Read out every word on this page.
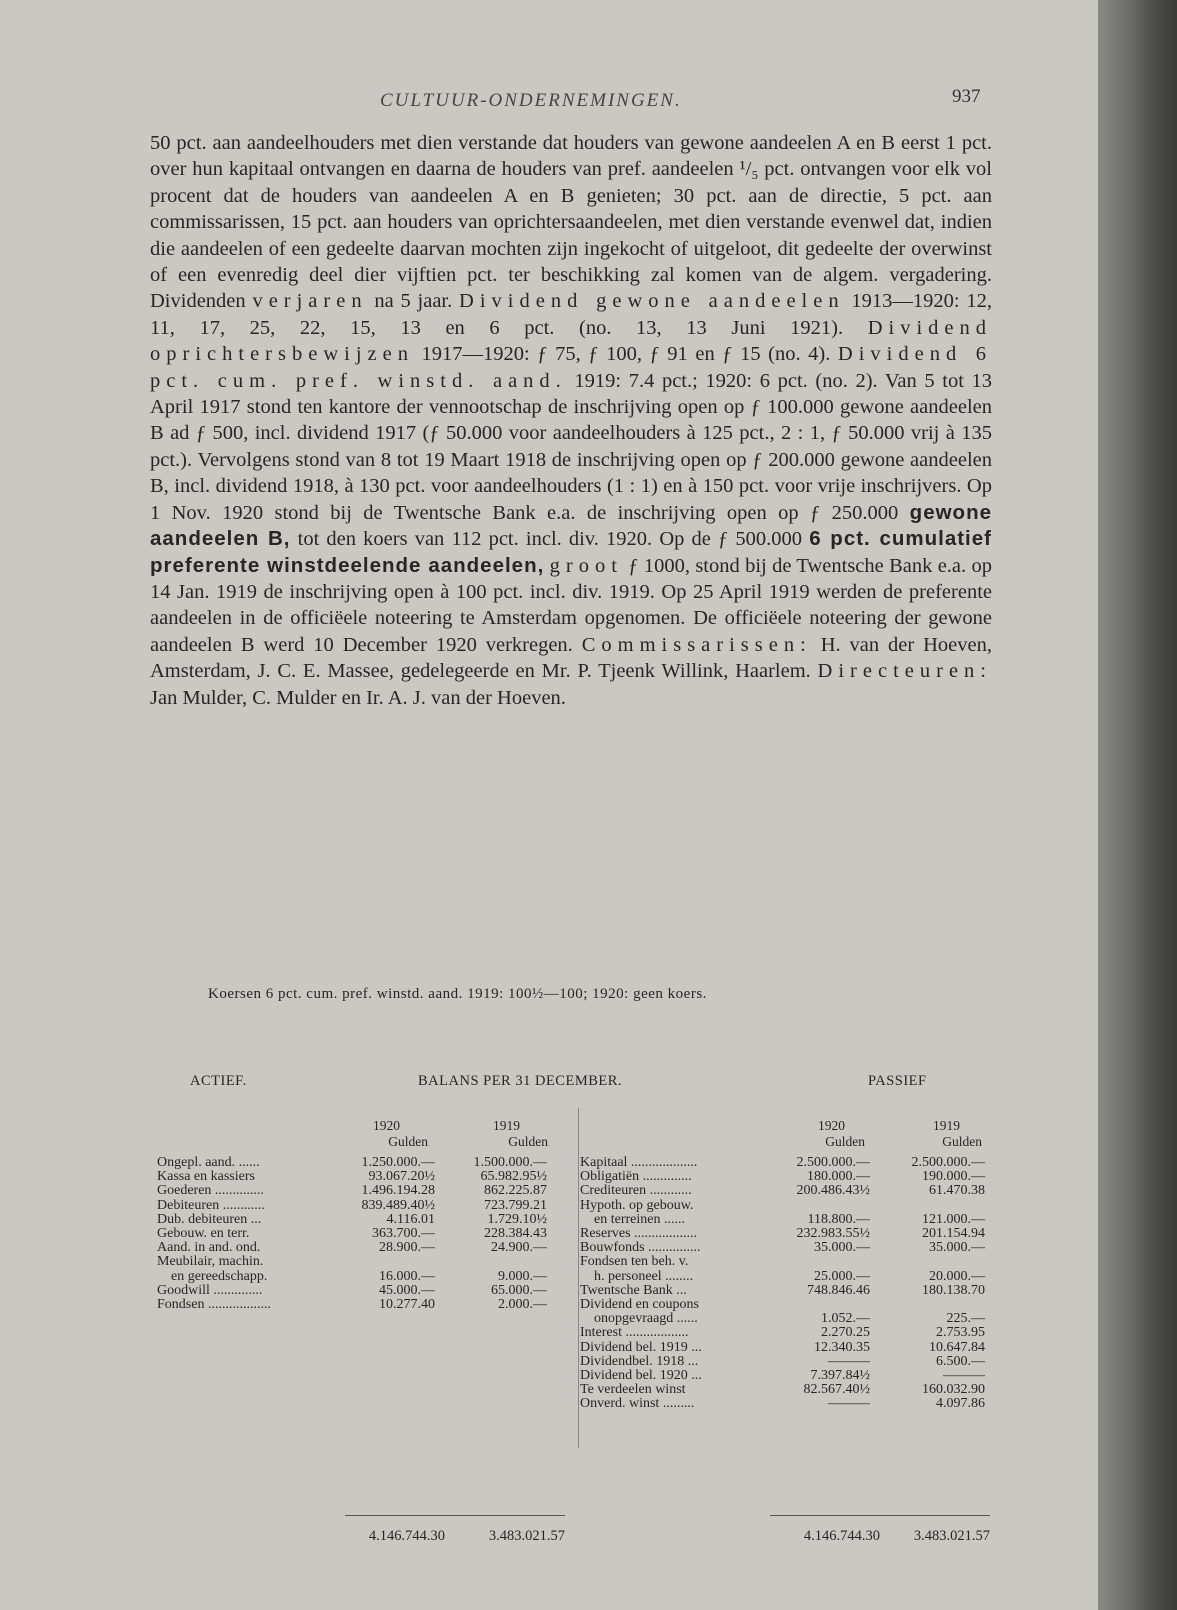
CULTUUR-ONDERNEMINGEN.	937

50 pct. aan aandeelhouders met dien verstande dat houders van gewone aandeelen A en B eerst 1 pct. over hun kapitaal ontvangen en daarna de houders van pref. aandeelen ¹/₅ pct. ontvangen voor elk vol procent dat de houders van aandeelen A en B genieten; 30 pct. aan de directie, 5 pct. aan commissarissen, 15 pct. aan houders van oprichtersaandeelen, met dien verstande evenwel dat, indien die aandeelen of een gedeelte daarvan mochten zijn ingekocht of uitgeloot, dit gedeelte der overwinst of een evenredig deel dier vijftien pct. ter beschikking zal komen van de algem. vergadering. Dividenden verjaren na 5 jaar. Dividend gewone aandeelen 1913—1920: 12, 11, 17, 25, 22, 15, 13 en 6 pct. (no. 13, 13 Juni 1921). Dividend oprichtersbewijzen 1917—1920: ƒ 75, ƒ 100, ƒ 91 en ƒ 15 (no. 4). Dividend 6 pct. cum. pref. winstd. aand. 1919: 7.4 pct.; 1920: 6 pct. (no. 2). Van 5 tot 13 April 1917 stond ten kantore der vennootschap de inschrijving open op ƒ 100.000 gewone aandeelen B ad ƒ 500, incl. dividend 1917 (ƒ 50.000 voor aandeelhouders à 125 pct., 2 : 1, ƒ 50.000 vrij à 135 pct.). Vervolgens stond van 8 tot 19 Maart 1918 de inschrijving open op ƒ 200.000 gewone aandeelen B, incl. dividend 1918, à 130 pct. voor aandeelhouders (1 : 1) en à 150 pct. voor vrije inschrijvers. Op 1 Nov. 1920 stond bij de Twentsche Bank e.a. de inschrijving open op ƒ 250.000 gewone aandeelen B, tot den koers van 112 pct. incl. div. 1920. Op de ƒ 500.000 6 pct. cumulatief preferente winstdeelende aandeelen, groot ƒ 1000, stond bij de Twentsche Bank e.a. op 14 Jan. 1919 de inschrijving open à 100 pct. incl. div. 1919. Op 25 April 1919 werden de preferente aandeelen in de officiëele noteering te Amsterdam opgenomen. De officiëele noteering der gewone aandeelen B werd 10 December 1920 verkregen. Commissarissen: H. van der Hoeven, Amsterdam, J. C. E. Massee, gedelegeerde en Mr. P. Tjeenk Willink, Haarlem. Directeuren: Jan Mulder, C. Mulder en Ir. A. J. van der Hoeven.

Koersen 6 pct. cum. pref. winstd. aand. 1919: 100½—100; 1920: geen koers.

ACTIEF.	BALANS PER 31 DECEMBER.	PASSIEF

1920	1919
Gulden	Gulden
1920	1919
Gulden	Gulden
Ongepl. aand. ......	1.250.000.—	1.500.000.—
Kassa en kassiers	93.067.20½	65.982.95½
Goederen ..............	1.496.194.28	862.225.87
Debiteuren ............	839.489.40½	723.799.21
Dub. debiteuren ...	4.116.01	1.729.10½
Gebouw. en terr.	363.700.—	228.384.43
Aand. in and. ond.	28.900.—	24.900.—
Meubilair, machin.
en gereedschapp.	16.000.—	9.000.—
Goodwill ..............	45.000.—	65.000.—
Fondsen ..................	10.277.40	2.000.—
Kapitaal ...................	2.500.000.—	2.500.000.—
Obligatiën ..............	180.000.—	190.000.—
Crediteuren ............	200.486.43½	61.470.38
Hypoth. op gebouw.
en terreinen ......	118.800.—	121.000.—
Reserves ..................	232.983.55½	201.154.94
Bouwfonds ...............	35.000.—	35.000.—
Fondsen ten beh. v.
h. personeel ........	25.000.—	20.000.—
Twentsche Bank ...	748.846.46	180.138.70
Dividend en coupons
onopgevraagd ......	1.052.—	225.—
Interest ..................	2.270.25	2.753.95
Dividend bel. 1919 ...	12.340.35	10.647.84
Dividendbel. 1918 ...	———	6.500.—
Dividend bel. 1920 ...	7.397.84½	———
Te verdeelen winst	82.567.40½	160.032.90
Onverd. winst .........	———	4.097.86
4.146.744.30	3.483.021.57	4.146.744.30	3.483.021.57
